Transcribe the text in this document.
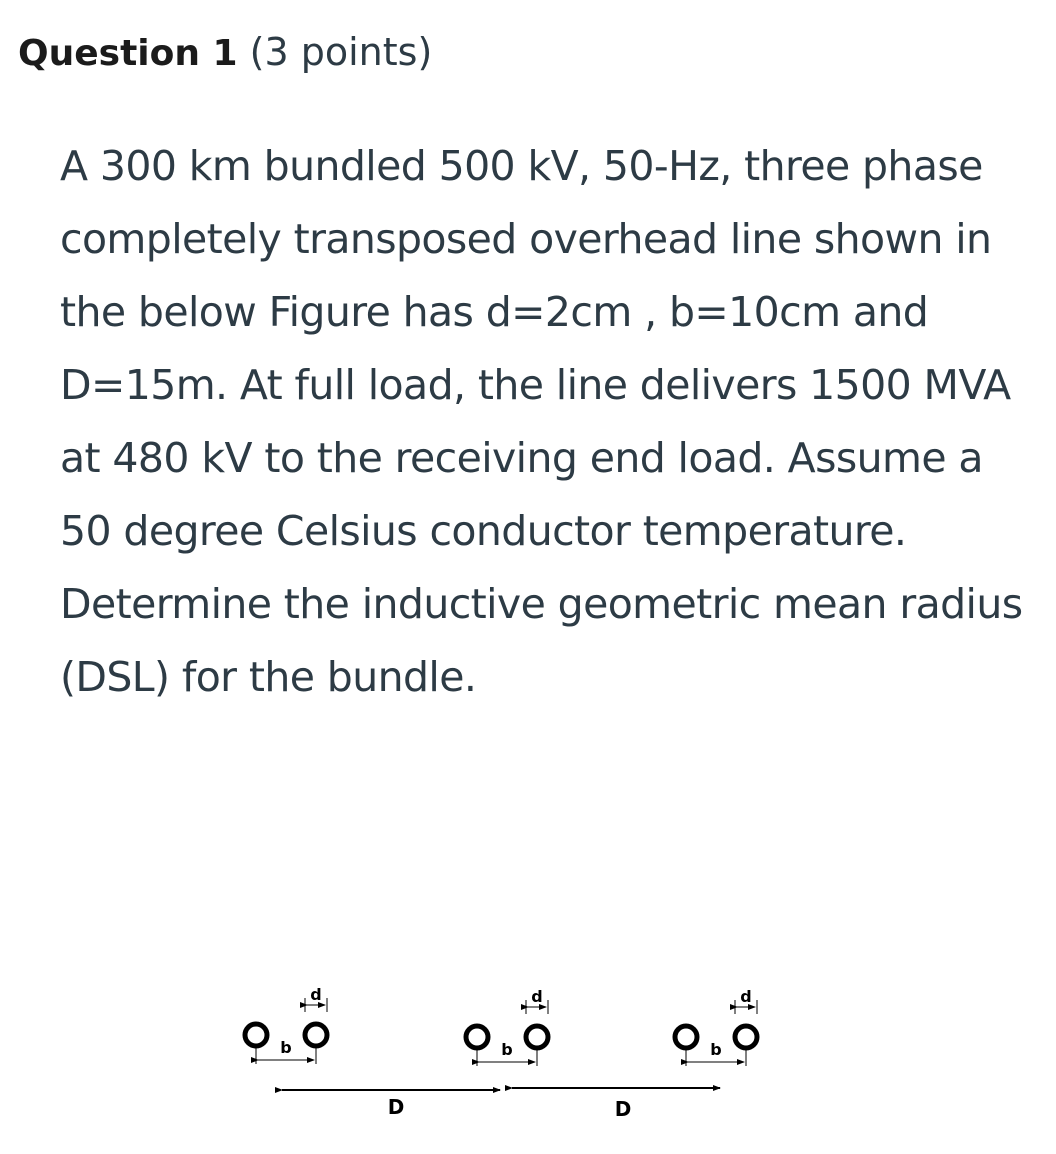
Question 1 (3 points)
A 300 km bundled 500 kV, 50-Hz, three phase completely transposed overhead line shown in the below Figure has d=2cm , b=10cm and D=15m. At full load, the line delivers 1500 MVA at 480 kV to the receiving end load. Assume a 50 degree Celsius conductor temperature. Determine the inductive geometric mean radius (DSL) for the bundle.
b
d
b
d
b
d
D	D
